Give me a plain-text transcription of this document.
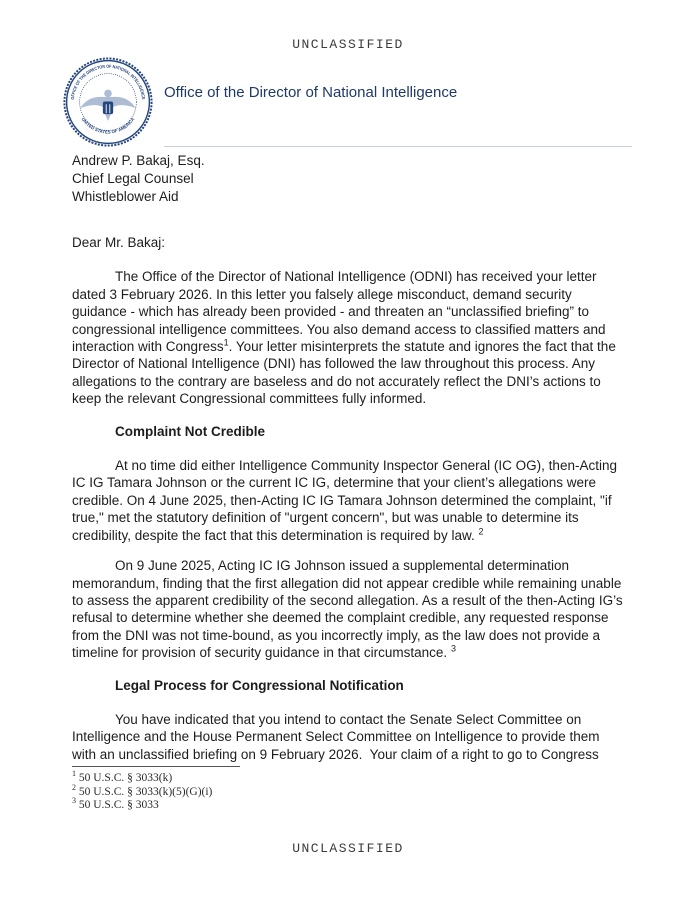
UNCLASSIFIED
OFFICE OF THE DIRECTOR OF NATIONAL INTELLIGENCE
UNITED STATES OF AMERICA
Office of the Director of National Intelligence
Andrew P. Bakaj, Esq.
Chief Legal Counsel
Whistleblower Aid

Dear Mr. Bakaj:

The Office of the Director of National Intelligence (ODNI) has received your letter dated 3 February 2026. In this letter you falsely allege misconduct, demand security guidance - which has already been provided - and threaten an “unclassified briefing” to congressional intelligence committees. You also demand access to classified matters and interaction with Congress$^1$. Your letter misinterprets the statute and ignores the fact that the Director of National Intelligence (DNI) has followed the law throughout this process. Any allegations to the contrary are baseless and do not accurately reflect the DNI’s actions to keep the relevant Congressional committees fully informed.

Complaint Not Credible

At no time did either Intelligence Community Inspector General (IC OG), then-Acting IC IG Tamara Johnson or the current IC IG, determine that your client’s allegations were credible. On 4 June 2025, then-Acting IC IG Tamara Johnson determined the complaint, "if true," met the statutory definition of "urgent concern", but was unable to determine its credibility, despite the fact that this determination is required by law. $^2$

On 9 June 2025, Acting IC IG Johnson issued a supplemental determination memorandum, finding that the first allegation did not appear credible while remaining unable to assess the apparent credibility of the second allegation. As a result of the then-Acting IG’s refusal to determine whether she deemed the complaint credible, any requested response from the DNI was not time-bound, as you incorrectly imply, as the law does not provide a timeline for provision of security guidance in that circumstance. $^3$

Legal Process for Congressional Notification

You have indicated that you intend to contact the Senate Select Committee on Intelligence and the House Permanent Select Committee on Intelligence to provide them with an unclassified briefing on 9 February 2026.  Your claim of a right to go to Congress

$^1$ 50 U.S.C. § 3033(k)
$^2$ 50 U.S.C. § 3033(k)(5)(G)(i)
$^3$ 50 U.S.C. § 3033
UNCLASSIFIED
